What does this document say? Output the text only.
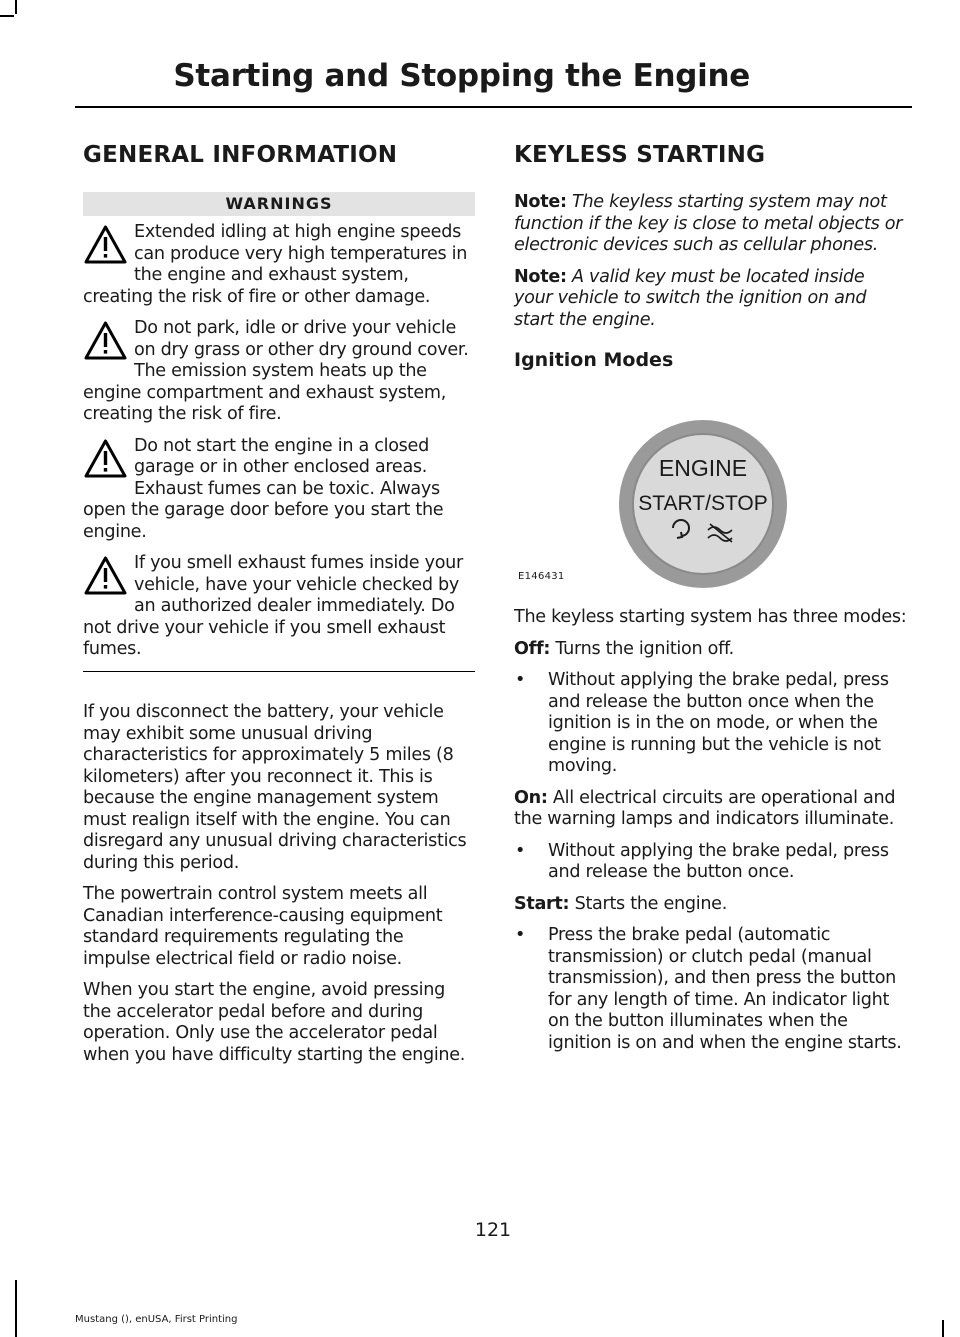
Starting and Stopping the Engine
GENERAL INFORMATION
WARNINGS
Extended idling at high engine speeds can produce very high temperatures in the engine and exhaust system, creating the risk of fire or other damage.
Do not park, idle or drive your vehicle on dry grass or other dry ground cover. The emission system heats up the engine compartment and exhaust system, creating the risk of fire.
Do not start the engine in a closed garage or in other enclosed areas. Exhaust fumes can be toxic. Always open the garage door before you start the engine.
If you smell exhaust fumes inside your vehicle, have your vehicle checked by an authorized dealer immediately. Do not drive your vehicle if you smell exhaust fumes.

If you disconnect the battery, your vehicle may exhibit some unusual driving characteristics for approximately 5 miles (8 kilometers) after you reconnect it. This is because the engine management system must realign itself with the engine. You can disregard any unusual driving characteristics during this period.

The powertrain control system meets all Canadian interference-causing equipment standard requirements regulating the impulse electrical field or radio noise.

When you start the engine, avoid pressing the accelerator pedal before and during operation. Only use the accelerator pedal when you have difficulty starting the engine.

KEYLESS STARTING

Note: The keyless starting system may not function if the key is close to metal objects or electronic devices such as cellular phones.

Note: A valid key must be located inside your vehicle to switch the ignition on and start the engine.

Ignition Modes
ENGINE
START/STOP
E146431

The keyless starting system has three modes:

Off: Turns the ignition off.

• Without applying the brake pedal, press and release the button once when the ignition is in the on mode, or when the engine is running but the vehicle is not moving.

On: All electrical circuits are operational and the warning lamps and indicators illuminate.

• Without applying the brake pedal, press and release the button once.

Start: Starts the engine.

• Press the brake pedal (automatic transmission) or clutch pedal (manual transmission), and then press the button for any length of time. An indicator light on the button illuminates when the ignition is on and when the engine starts.
121
Mustang (), enUSA, First Printing
